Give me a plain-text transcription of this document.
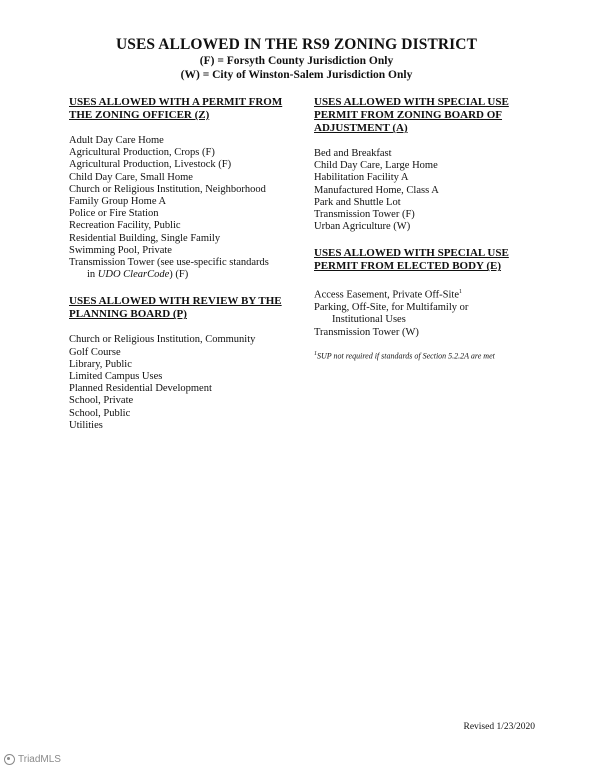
USES ALLOWED IN THE RS9 ZONING DISTRICT
(F) = Forsyth County Jurisdiction Only
(W) = City of Winston-Salem Jurisdiction Only

USES ALLOWED WITH A PERMIT FROM THE ZONING OFFICER (Z)

Adult Day Care Home
Agricultural Production, Crops (F)
Agricultural Production, Livestock (F)
Child Day Care, Small Home
Church or Religious Institution, Neighborhood
Family Group Home A
Police or Fire Station
Recreation Facility, Public
Residential Building, Single Family
Swimming Pool, Private
Transmission Tower (see use-specific standards
in UDO ClearCode) (F)

USES ALLOWED WITH REVIEW BY THE PLANNING BOARD (P)

Church or Religious Institution, Community
Golf Course
Library, Public
Limited Campus Uses
Planned Residential Development
School, Private
School, Public
Utilities

USES ALLOWED WITH SPECIAL USE PERMIT FROM ZONING BOARD OF ADJUSTMENT (A)

Bed and Breakfast
Child Day Care, Large Home
Habilitation Facility A
Manufactured Home, Class A
Park and Shuttle Lot
Transmission Tower (F)
Urban Agriculture (W)

USES ALLOWED WITH SPECIAL USE PERMIT FROM ELECTED BODY (E)

Access Easement, Private Off-Site$^1$
Parking, Off-Site, for Multifamily or
Institutional Uses
Transmission Tower (W)
$^1$SUP not required if standards of Section 5.2.2A are met
Revised 1/23/2020
TriadMLS
